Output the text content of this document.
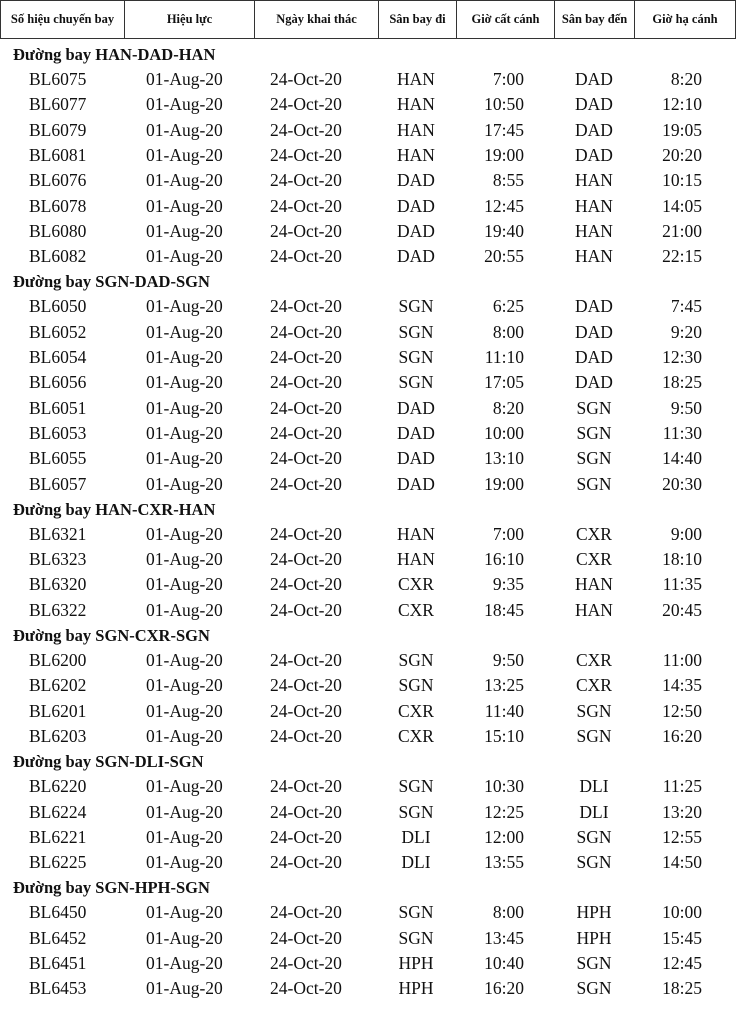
Số hiệu chuyến bay	Hiệu lực	Ngày khai thác	Sân bay đi	Giờ cất cánh	Sân bay đến	Giờ hạ cánh
Đường bay HAN-DAD-HAN
BL6075	01-Aug-20	24-Oct-20	HAN	7:00	DAD	8:20
BL6077	01-Aug-20	24-Oct-20	HAN	10:50	DAD	12:10
BL6079	01-Aug-20	24-Oct-20	HAN	17:45	DAD	19:05
BL6081	01-Aug-20	24-Oct-20	HAN	19:00	DAD	20:20
BL6076	01-Aug-20	24-Oct-20	DAD	8:55	HAN	10:15
BL6078	01-Aug-20	24-Oct-20	DAD	12:45	HAN	14:05
BL6080	01-Aug-20	24-Oct-20	DAD	19:40	HAN	21:00
BL6082	01-Aug-20	24-Oct-20	DAD	20:55	HAN	22:15
Đường bay SGN-DAD-SGN
BL6050	01-Aug-20	24-Oct-20	SGN	6:25	DAD	7:45
BL6052	01-Aug-20	24-Oct-20	SGN	8:00	DAD	9:20
BL6054	01-Aug-20	24-Oct-20	SGN	11:10	DAD	12:30
BL6056	01-Aug-20	24-Oct-20	SGN	17:05	DAD	18:25
BL6051	01-Aug-20	24-Oct-20	DAD	8:20	SGN	9:50
BL6053	01-Aug-20	24-Oct-20	DAD	10:00	SGN	11:30
BL6055	01-Aug-20	24-Oct-20	DAD	13:10	SGN	14:40
BL6057	01-Aug-20	24-Oct-20	DAD	19:00	SGN	20:30
Đường bay HAN-CXR-HAN
BL6321	01-Aug-20	24-Oct-20	HAN	7:00	CXR	9:00
BL6323	01-Aug-20	24-Oct-20	HAN	16:10	CXR	18:10
BL6320	01-Aug-20	24-Oct-20	CXR	9:35	HAN	11:35
BL6322	01-Aug-20	24-Oct-20	CXR	18:45	HAN	20:45
Đường bay SGN-CXR-SGN
BL6200	01-Aug-20	24-Oct-20	SGN	9:50	CXR	11:00
BL6202	01-Aug-20	24-Oct-20	SGN	13:25	CXR	14:35
BL6201	01-Aug-20	24-Oct-20	CXR	11:40	SGN	12:50
BL6203	01-Aug-20	24-Oct-20	CXR	15:10	SGN	16:20
Đường bay SGN-DLI-SGN
BL6220	01-Aug-20	24-Oct-20	SGN	10:30	DLI	11:25
BL6224	01-Aug-20	24-Oct-20	SGN	12:25	DLI	13:20
BL6221	01-Aug-20	24-Oct-20	DLI	12:00	SGN	12:55
BL6225	01-Aug-20	24-Oct-20	DLI	13:55	SGN	14:50
Đường bay SGN-HPH-SGN
BL6450	01-Aug-20	24-Oct-20	SGN	8:00	HPH	10:00
BL6452	01-Aug-20	24-Oct-20	SGN	13:45	HPH	15:45
BL6451	01-Aug-20	24-Oct-20	HPH	10:40	SGN	12:45
BL6453	01-Aug-20	24-Oct-20	HPH	16:20	SGN	18:25
